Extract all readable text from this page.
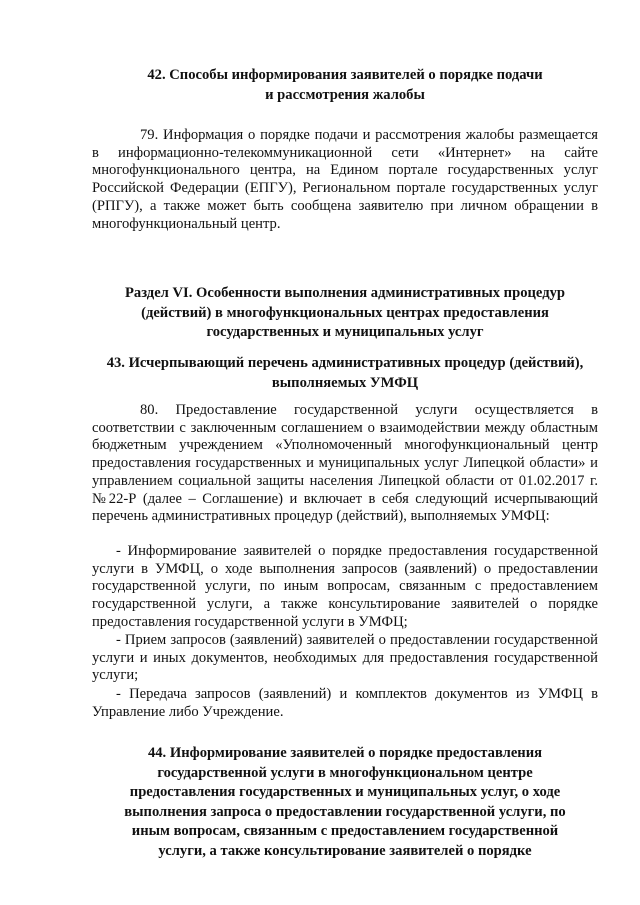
42. Способы информирования заявителей о порядке подачи
и рассмотрения жалобы

79. Информация о порядке подачи и рассмотрения жалобы размещается в информационно-телекоммуникационной сети «Интернет» на сайте многофункционального центра, на Едином портале государственных услуг Российской Федерации (ЕПГУ), Региональном портале государственных услуг (РПГУ), а также может быть сообщена заявителю при личном обращении в многофункциональный центр.

Раздел VI. Особенности выполнения административных процедур
(действий) в многофункциональных центрах предоставления
государственных и муниципальных услуг
43. Исчерпывающий перечень административных процедур (действий),
выполняемых УМФЦ

80. Предоставление государственной услуги осуществляется в соответствии с заключенным соглашением о взаимодействии между областным бюджетным учреждением «Уполномоченный многофункциональный центр предоставления государственных и муниципальных услуг Липецкой области» и управлением социальной защиты населения Липецкой области от 01.02.2017 г. №22-Р (далее – Соглашение) и включает в себя следующий исчерпывающий перечень административных процедур (действий), выполняемых УМФЦ:

- Информирование заявителей о порядке предоставления государственной услуги в УМФЦ, о ходе выполнения запросов (заявлений) о предоставлении государственной услуги, по иным вопросам, связанным с предоставлением государственной услуги, а также консультирование заявителей о порядке предоставления государственной услуги в УМФЦ;

- Прием запросов (заявлений) заявителей о предоставлении государственной услуги и иных документов, необходимых для предоставления государственной услуги;

- Передача запросов (заявлений) и комплектов документов из УМФЦ в Управление либо Учреждение.

44. Информирование заявителей о порядке предоставления
государственной услуги в многофункциональном центре
предоставления государственных и муниципальных услуг, о ходе
выполнения запроса о предоставлении государственной услуги, по
иным вопросам, связанным с предоставлением государственной
услуги, а также консультирование заявителей о порядке
